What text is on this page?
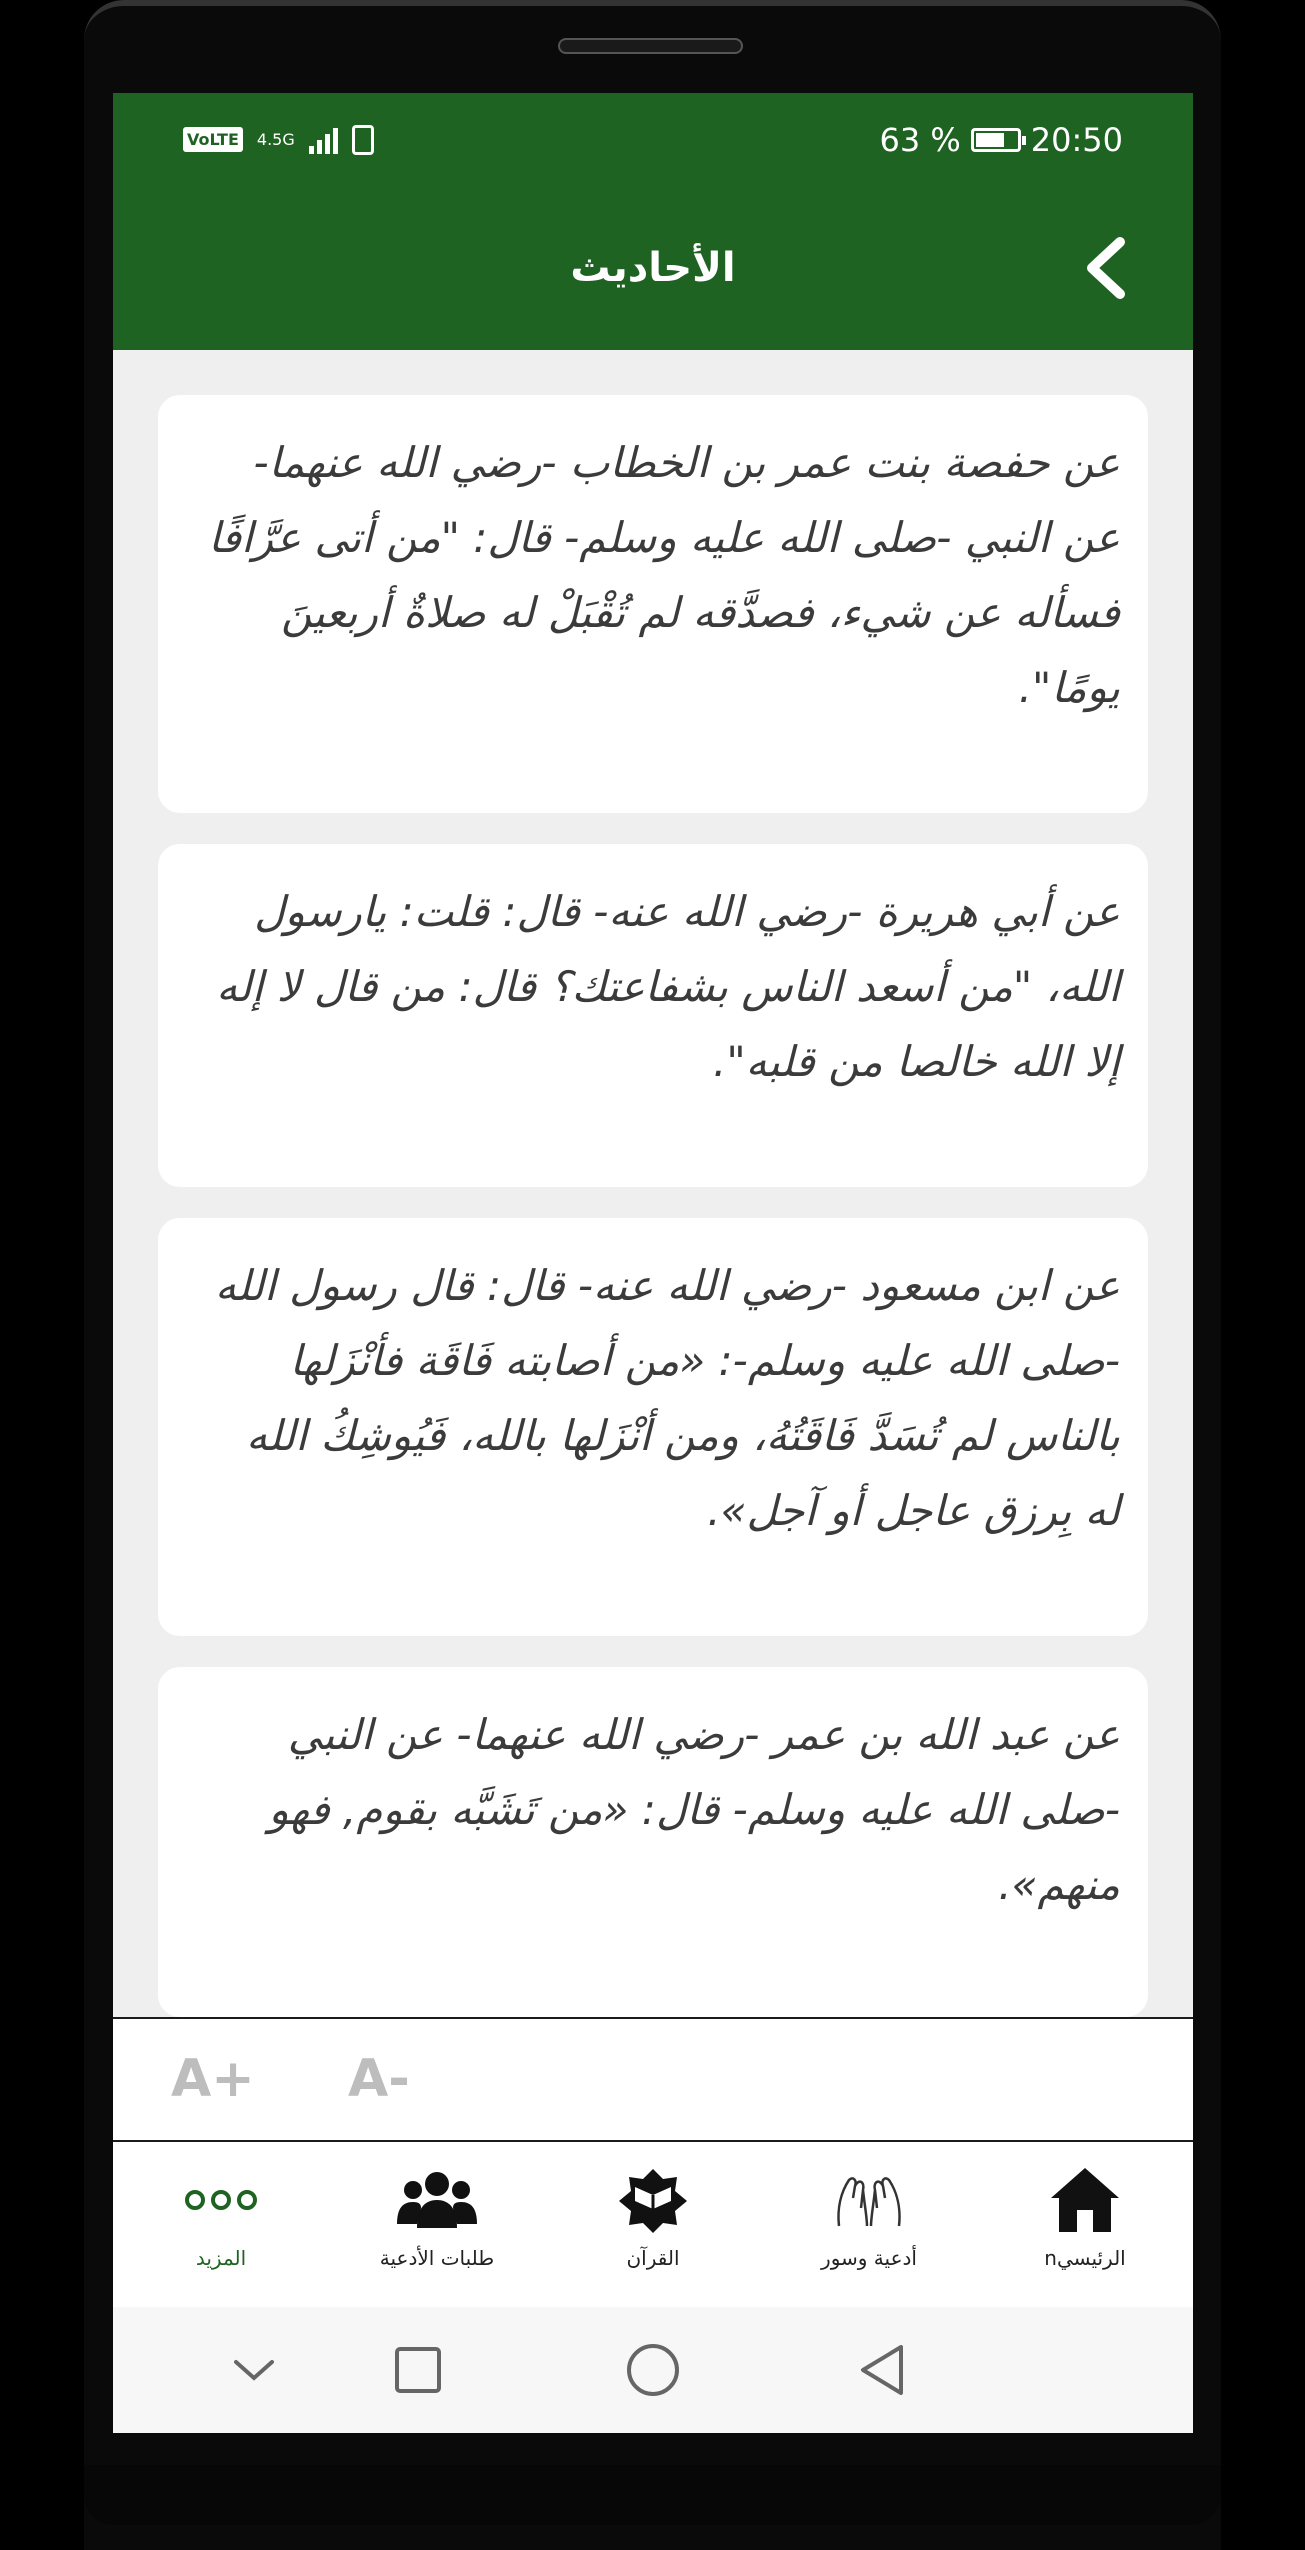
VoLTE 4.5G	63 % 20:50
الأحاديث
عن حفصة بنت عمر بن الخطاب -رضي الله عنهما- عن النبي -صلى الله عليه وسلم- قال: "من أتى عرَّافًا فسأله عن شيء، فصدَّقه لم تُقْبَلْ له صلاةٌ أربعينَ يومًا".
عن أبي هريرة -رضي الله عنه- قال: قلت: يارسول الله، "من أسعد الناس بشفاعتك؟ قال: من قال لا إله إلا الله خالصا من قلبه".
عن ابن مسعود -رضي الله عنه- قال: قال رسول الله -صلى الله عليه وسلم-: «من أصابته فَاقَة فأنْزَلها بالناس لم تُسَدَّ فَاقَتُهُ، ومن أنْزَلها بالله، فَيُوشِكُ الله له بِرزق عاجل أو آجل».
عن عبد الله بن عمر -رضي الله عنهما- عن النبي -صلى الله عليه وسلم- قال: «من تَشَبَّه بقوم, فهو منهم».
A+ A-
الرئيسيn
أدعية وسور
القرآن
طلبات الأدعية
المزيد
